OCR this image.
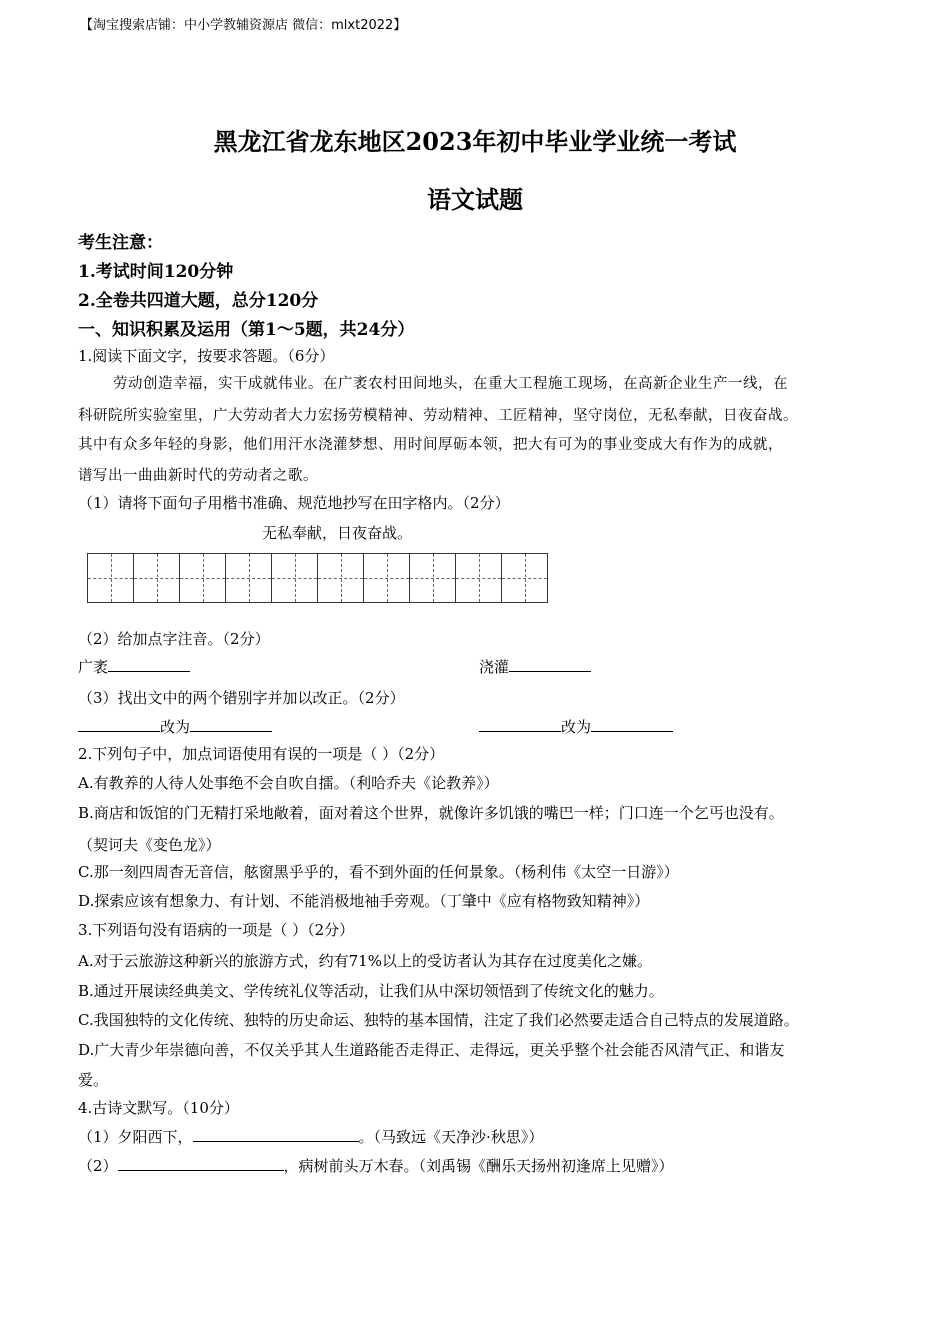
【淘宝搜索店铺：中小学教辅资源店 微信：mlxt2022】
黑龙江省龙东地区2023年初中毕业学业统一考试
语文试题
考生注意：
1.考试时间120分钟
2.全卷共四道大题，总分120分
一、知识积累及运用（第1～5题，共24分）
1.阅读下面文字，按要求答题。（6分）
劳动创造幸福，实干成就伟业。在广袤农村田间地头，在重大工程施工现场，在高新企业生产一线，在
科研院所实验室里，广大劳动者大力宏扬劳模精神、劳动精神、工匠精神，坚守岗位，无私奉献，日夜奋战。
其中有众多年轻的身影，他们用汗水浇灌梦想、用时间厚砺本领，把大有可为的事业变成大有作为的成就，
谱写出一曲曲新时代的劳动者之歌。
（1）请将下面句子用楷书准确、规范地抄写在田字格内。（2分）
无私奉献，日夜奋战。
（2）给加点字注音。（2分）
广袤	浇灌
（3）找出文中的两个错别字并加以改正。（2分）
改为	改为
2.下列句子中，加点词语使用有误的一项是（ ）（2分）
A.有教养的人待人处事绝不会自吹自擂。（利哈乔夫《论教养》）
B.商店和饭馆的门无精打采地敞着，面对着这个世界，就像许多饥饿的嘴巴一样；门口连一个乞丐也没有。
（契诃夫《变色龙》）
C.那一刻四周杳无音信，舷窗黑乎乎的，看不到外面的任何景象。（杨利伟《太空一日游》）
D.探索应该有想象力、有计划、不能消极地袖手旁观。（丁肇中《应有格物致知精神》）
3.下列语句没有语病的一项是（ ）（2分）
A.对于云旅游这种新兴的旅游方式，约有71%以上的受访者认为其存在过度美化之嫌。
B.通过开展读经典美文、学传统礼仪等活动，让我们从中深切领悟到了传统文化的魅力。
C.我国独特的文化传统、独特的历史命运、独特的基本国情，注定了我们必然要走适合自己特点的发展道路。
D.广大青少年崇德向善，不仅关乎其人生道路能否走得正、走得远，更关乎整个社会能否风清气正、和谐友
爱。
4.古诗文默写。（10分）
（1）夕阳西下，	。（马致远《天净沙·秋思》）
（2）	，病树前头万木春。（刘禹锡《酬乐天扬州初逢席上见赠》）
